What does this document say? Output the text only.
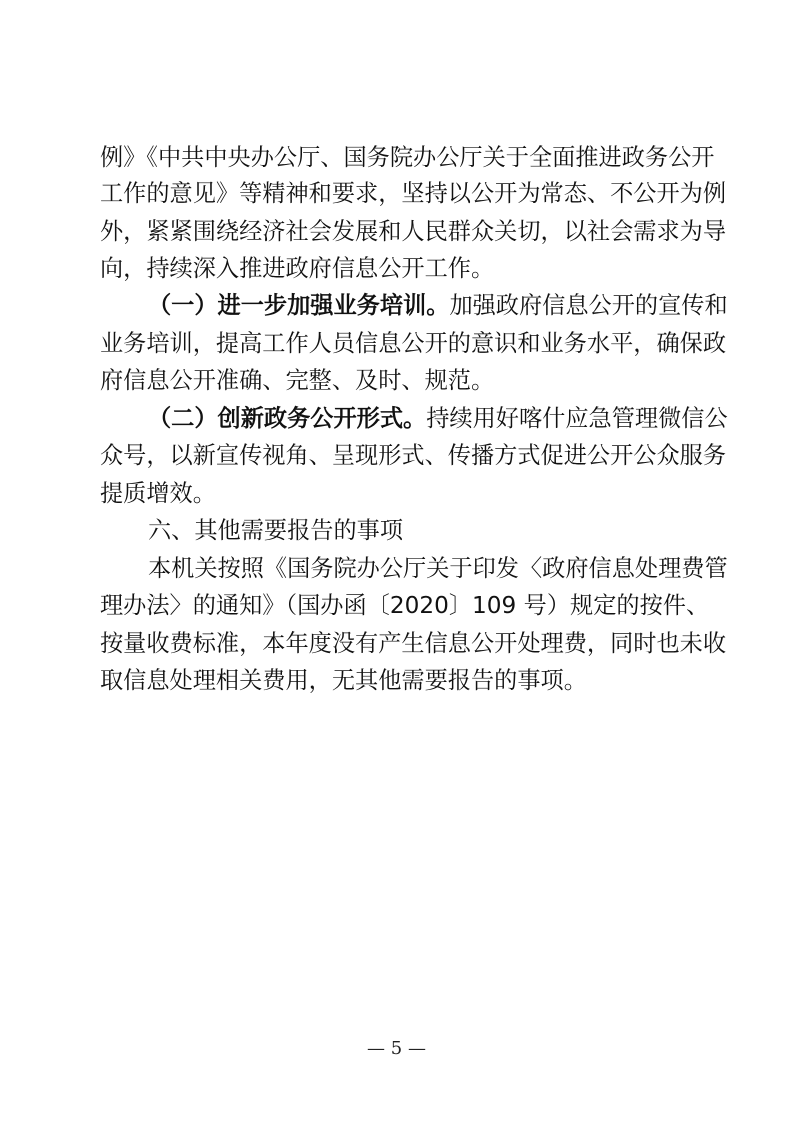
例》《中共中央办公厅、国务院办公厅关于全面推进政务公开
工作的意见》等精神和要求，坚持以公开为常态、不公开为例
外，紧紧围绕经济社会发展和人民群众关切，以社会需求为导
向，持续深入推进政府信息公开工作。
（一）进一步加强业务培训。加强政府信息公开的宣传和
业务培训，提高工作人员信息公开的意识和业务水平，确保政
府信息公开准确、完整、及时、规范。
（二）创新政务公开形式。持续用好喀什应急管理微信公
众号，以新宣传视角、呈现形式、传播方式促进公开公众服务
提质增效。
六、其他需要报告的事项
本机关按照《国务院办公厅关于印发〈政府信息处理费管
理办法〉的通知》（国办函〔2020〕109 号）规定的按件、
按量收费标准，本年度没有产生信息公开处理费，同时也未收
取信息处理相关费用，无其他需要报告的事项。
— 5 —
